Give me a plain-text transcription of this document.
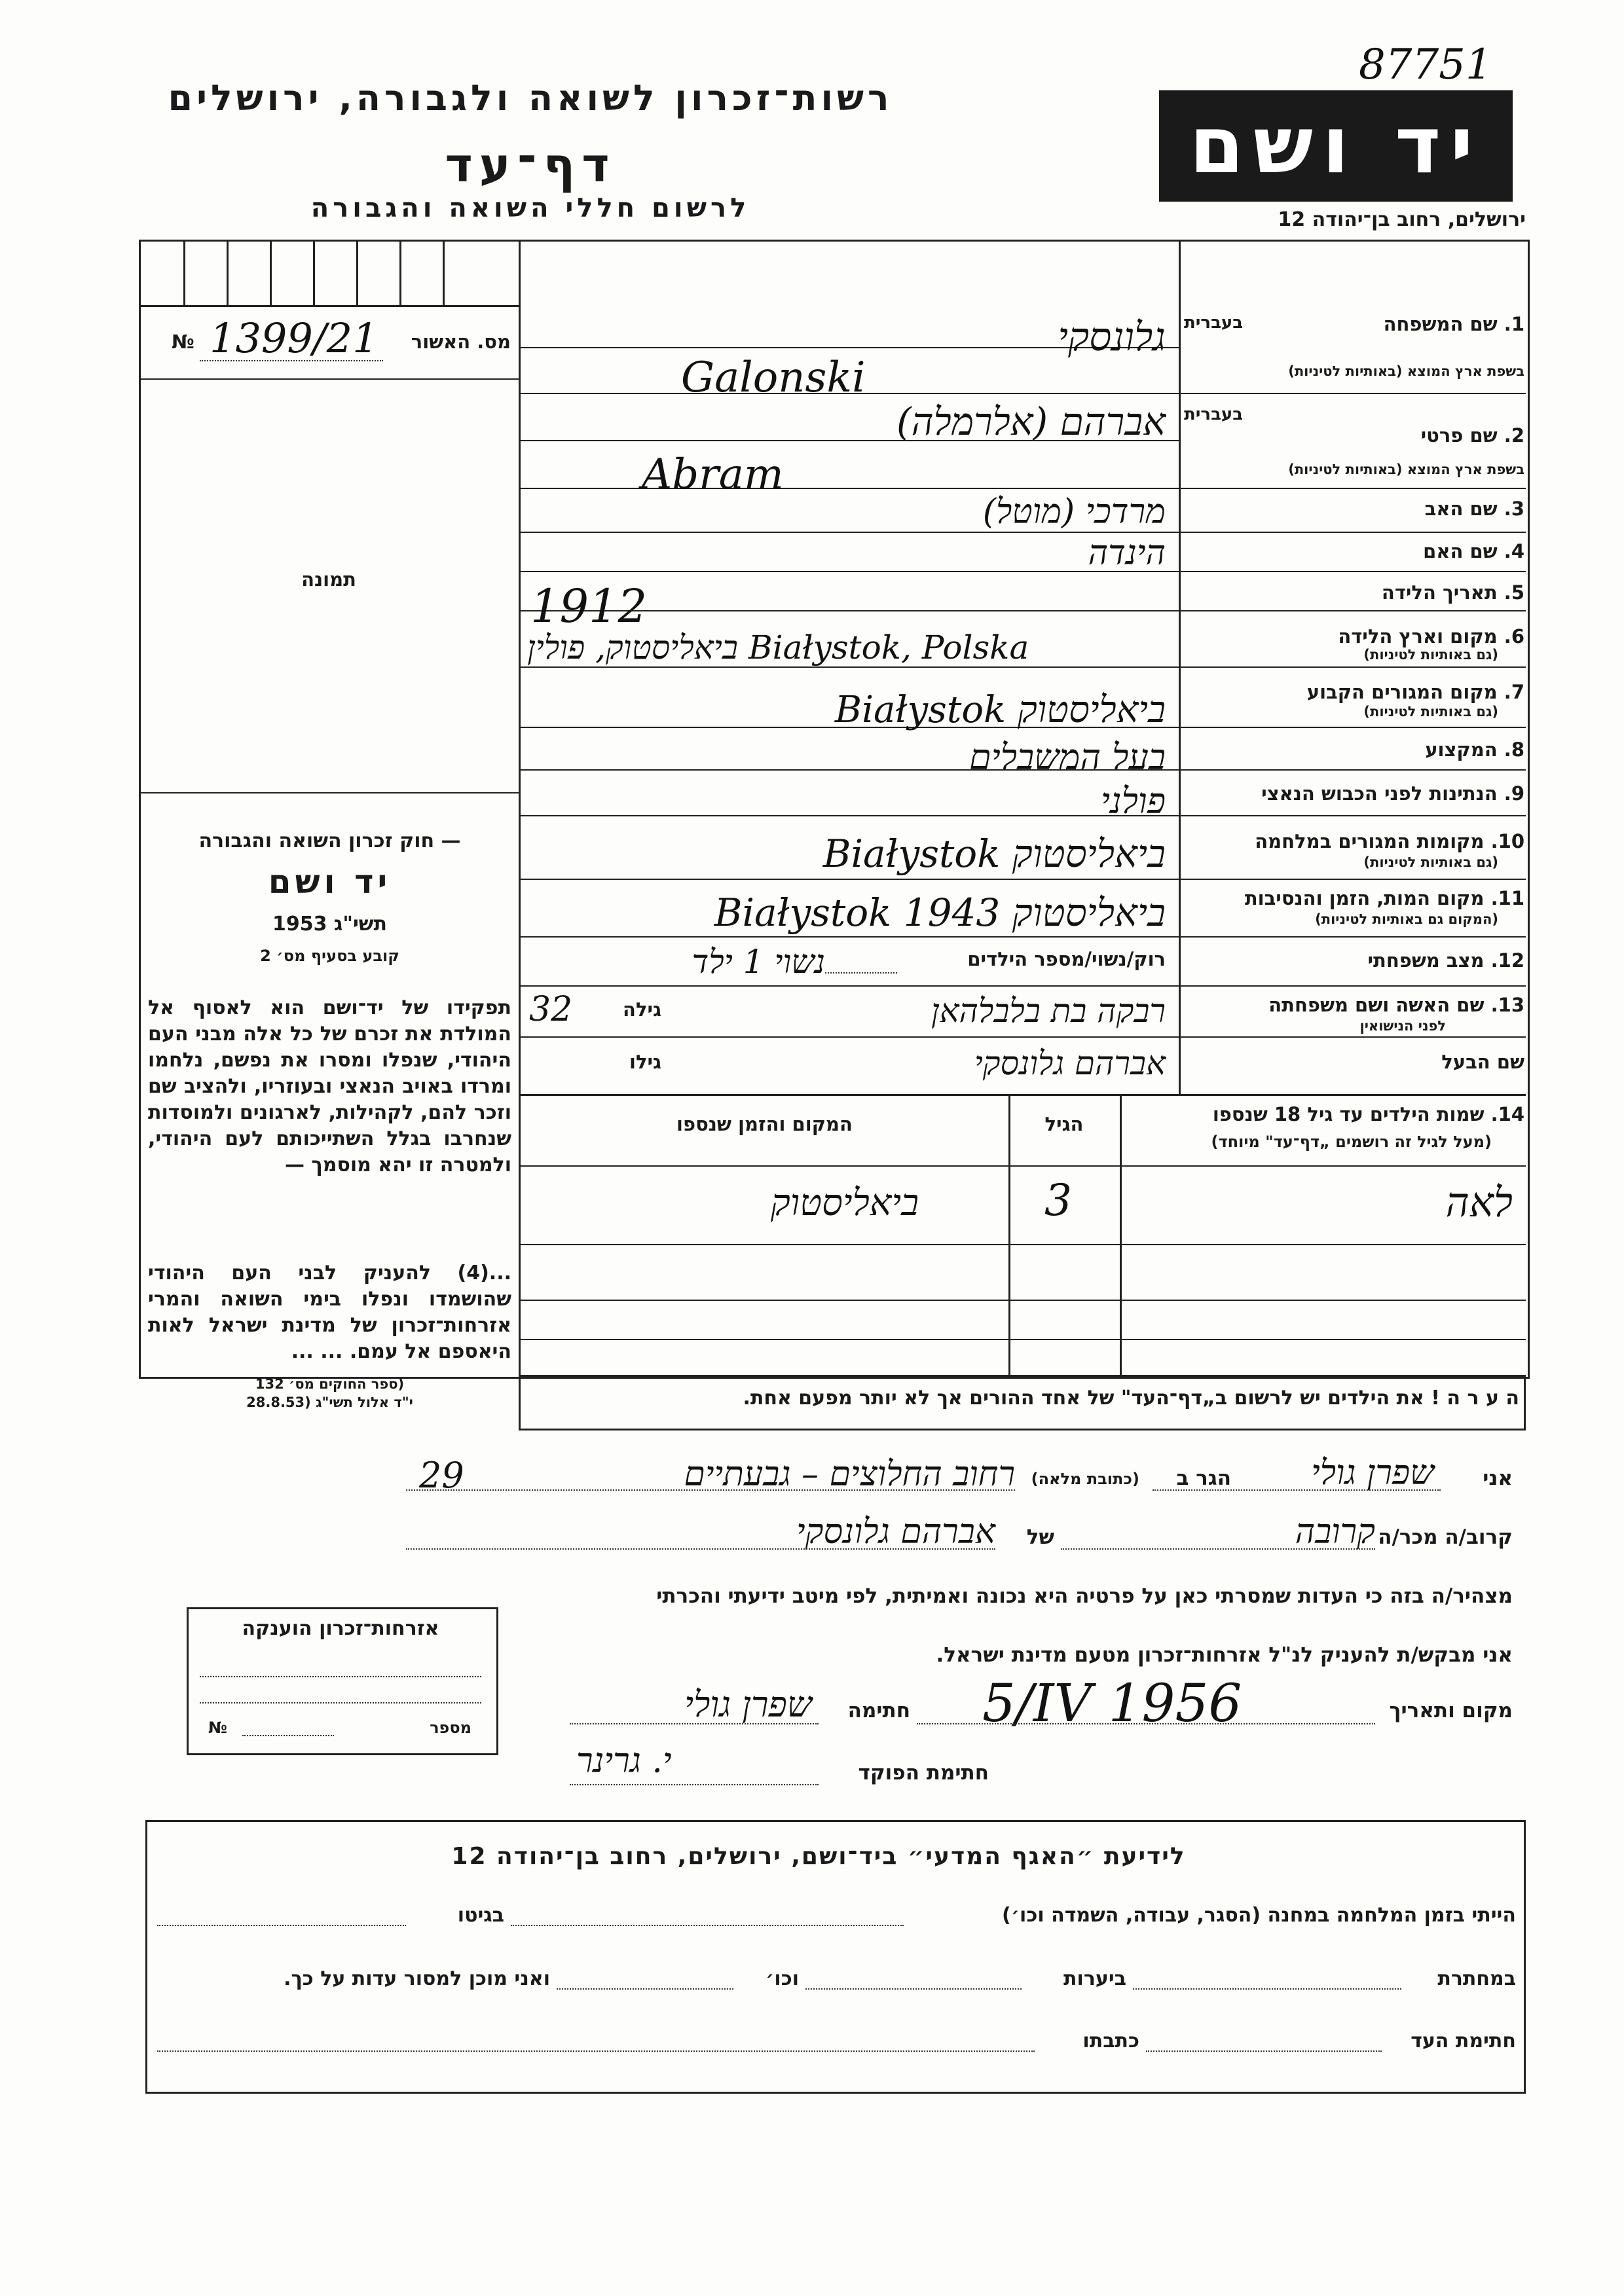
87751
רשות־זכרון לשואה ולגבורה, ירושלים
דף־עד
לרשום חללי השואה והגבורה
יד ושם
ירושלים, רחוב בן־יהודה 12
מס. האשור
№ 1399/21
תמונה
— חוק זכרון השואה והגבורה
יד ושם
תשי"ג 1953
קובע בסעיף מס׳ 2
תפקידו של יד־ושם הוא לאסוף אל המולדת את זכרם של כל אלה מבני העם היהודי, שנפלו ומסרו את נפשם, נלחמו ומרדו באויב הנאצי ובעוזריו, ולהציב שם וזכר להם, לקהילות, לארגונים ולמוסדות שנחרבו בגלל השתייכותם לעם היהודי, ולמטרה זו יהא מוסמך —
...(4) להעניק לבני העם היהודי שהושמדו ונפלו בימי השואה והמרי אזרחות־זכרון של מדינת ישראל לאות היאספם אל עמם. ... ...
(ספר החוקים מס׳ 132
י"ד אלול תשי"ג (28.8.53
1. שם המשפחה
בעברית
בשפת ארץ המוצא (באותיות לטיניות)
בעברית
2. שם פרטי
בשפת ארץ המוצא (באותיות לטיניות)
3. שם האב
4. שם האם
5. תאריך הלידה
6. מקום וארץ הלידה
(גם באותיות לטיניות)
7. מקום המגורים הקבוע
(גם באותיות לטיניות)
8. המקצוע
9. הנתינות לפני הכבוש הנאצי
10. מקומות המגורים במלחמה
(גם באותיות לטיניות)
11. מקום המות, הזמן והנסיבות
(המקום גם באותיות לטיניות)
12. מצב משפחתי
13. שם האשה ושם משפחתה
לפני הנישואין
שם הבעל
גלונסקי
Galonski
אברהם (אלרמלה)
Abram
מרדכי (מוטל)
הינדה
1912
ביאליסטוק, פולין Białystok, Polska
ביאליסטוק Białystok
בעל המשבלים
פולני
ביאליסטוק Białystok
ביאליסטוק Białystok 1943
רוק/נשוי/מספר הילדים
נשוי 1 ילד
רבקה בת בלבלהאן
גילה
32
אברהם גלונסקי
גילו
14. שמות הילדים עד גיל 18 שנספו
(מעל לגיל זה רושמים „דף־עד" מיוחד)
הגיל
המקום והזמן שנספו
לאה
3
ביאליסטוק
ה ע ר ה ! את הילדים יש לרשום ב„דף־העד" של אחד ההורים אך לא יותר מפעם אחת.
אני
שפרן גולי
הגר ב
(כתובת מלאה)
רחוב החלוצים – גבעתיים
29
קרוב/ה מכר/ה
קרובה
של
אברהם גלונסקי
מצהיר/ה בזה כי העדות שמסרתי כאן על פרטיה היא נכונה ואמיתית, לפי מיטב ידיעתי והכרתי
אני מבקש/ת להעניק לנ"ל אזרחות־זכרון מטעם מדינת ישראל.
מקום ותאריך
5/IV 1956
חתימה
שפרן גולי
חתימת הפוקד
י. גרינר
אזרחות־זכרון הוענקה
מספר
№
לידיעת ״האגף המדעי״ ביד־ושם, ירושלים, רחוב בן־יהודה 12
הייתי בזמן המלחמה במחנה (הסגר, עבודה, השמדה וכו׳)
בגיטו
במחתרת
ביערות
וכו׳
ואני מוכן למסור עדות על כך.
חתימת העד
כתבתו
